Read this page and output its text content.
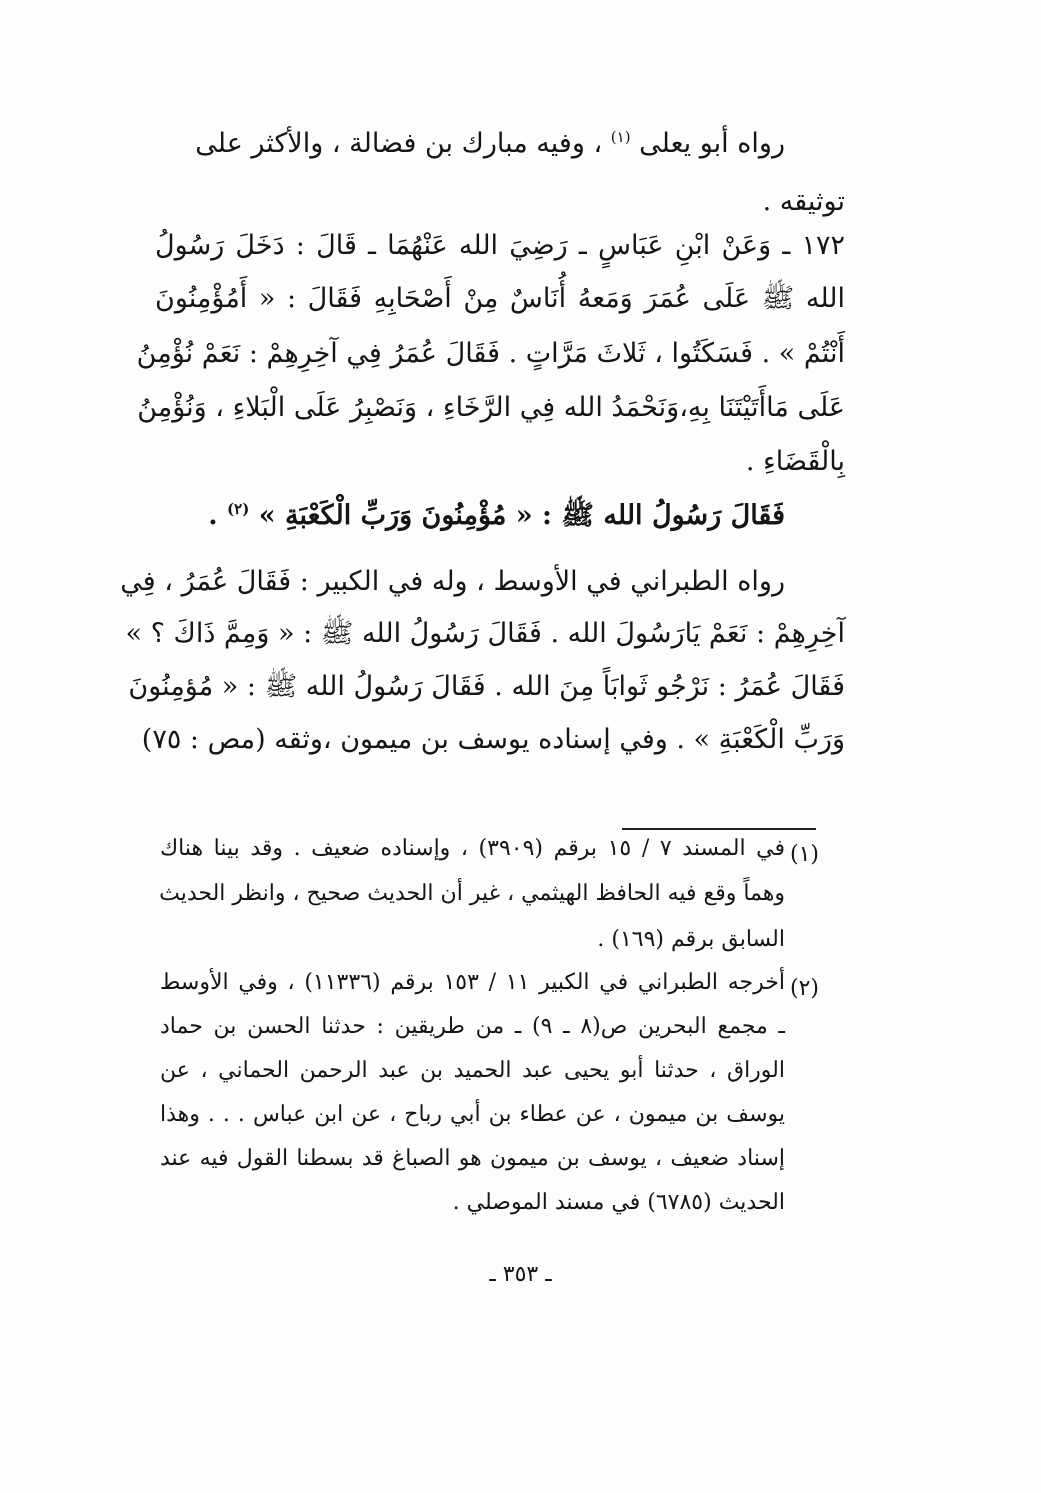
رواه أبو يعلى $^{(١)}$ ، وفيه مبارك بن فضالة ، والأكثر على
توثيقه .
١٧٢ ـ وَعَنْ ابْنِ عَبَاسٍ ـ رَضِيَ الله عَنْهُمَا ـ قَالَ : دَخَلَ رَسُولُ
الله ﷺ عَلَى عُمَرَ وَمَعهُ أُنَاسٌ مِنْ أَصْحَابِهِ فَقَالَ : « أَمُؤْمِنُونَ
أَنْتُمْ » . فَسَكَتُوا ، ثَلاثَ مَرَّاتٍ . فَقَالَ عُمَرُ فِي آخِرِهِمْ : نَعَمْ نُؤْمِنُ
عَلَى مَاأَتَيْتَنَا بِهِ،وَنَحْمَدُ الله فِي الرَّخَاءِ ، وَنَصْبِرُ عَلَى الْبَلاءِ ، وَنُؤْمِنُ
بِالْقَضَاءِ .
فَقَالَ رَسُولُ الله ﷺ : « مُؤْمِنُونَ وَرَبِّ الْكَعْبَةِ » $^{(٢)}$ .
رواه الطبراني في الأوسط ، وله في الكبير : فَقَالَ عُمَرُ ، فِي
آخِرِهِمْ : نَعَمْ يَارَسُولَ الله . فَقَالَ رَسُولُ الله ﷺ : « وَمِمَّ ذَاكَ ؟ »
فَقَالَ عُمَرُ : نَرْجُو ثَوابَاً مِنَ الله . فَقَالَ رَسُولُ الله ﷺ : « مُؤمِنُونَ
وَرَبِّ الْكَعْبَةِ » . وفي إسناده يوسف بن ميمون ،وثقه (مص : ٧٥)
(١)
في المسند ٧ / ١٥ برقم (٣٩٠٩) ، وإسناده ضعيف . وقد بينا هناك
وهماً وقع فيه الحافظ الهيثمي ، غير أن الحديث صحيح ، وانظر الحديث
السابق برقم (١٦٩) .
(٢)
أخرجه الطبراني في الكبير ١١ / ١٥٣ برقم (١١٣٣٦) ، وفي الأوسط
ـ مجمع البحرين ص(٨ ـ ٩) ـ من طريقين : حدثنا الحسن بن حماد
الوراق ، حدثنا أبو يحيى عبد الحميد بن عبد الرحمن الحماني ، عن
يوسف بن ميمون ، عن عطاء بن أبي رباح ، عن ابن عباس . . . وهذا
إسناد ضعيف ، يوسف بن ميمون هو الصباغ قد بسطنا القول فيه عند
الحديث (٦٧٨٥) في مسند الموصلي .
ـ ٣٥٣ ـ
